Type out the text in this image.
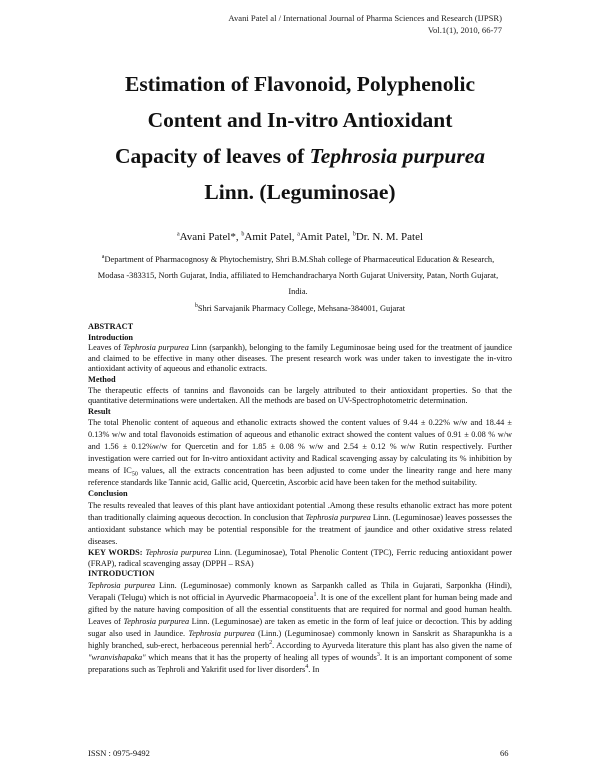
Avani Patel al / International Journal of Pharma Sciences and Research (IJPSR)
Vol.1(1), 2010, 66-77
Estimation of Flavonoid, Polyphenolic
Content and In-vitro Antioxidant
Capacity of leaves of Tephrosia purpurea
Linn. (Leguminosae)
$^a$Avani Patel*, $^b$Amit Patel, $^a$Amit Patel, $^b$Dr. N. M. Patel
$^a$Department of Pharmacognosy & Phytochemistry, Shri B.M.Shah college of Pharmaceutical Education & Research, Modasa -383315, North Gujarat, India, affiliated to Hemchandracharya North Gujarat University, Patan, North Gujarat, India.
$^b$Shri Sarvajanik Pharmacy College, Mehsana-384001, Gujarat
ABSTRACT
Introduction
Leaves of Tephrosia purpurea Linn (sarpankh), belonging to the family Leguminosae being used for the treatment of jaundice and claimed to be effective in many other diseases. The present research work was under taken to investigate the in-vitro antioxidant activity of aqueous and ethanolic extracts.
Method
The therapeutic effects of tannins and flavonoids can be largely attributed to their antioxidant properties. So that the quantitative determinations were undertaken. All the methods are based on UV-Spectrophotometric determination.
Result
The total Phenolic content of aqueous and ethanolic extracts showed the content values of 9.44 ± 0.22% w/w and 18.44 ± 0.13% w/w and total flavonoids estimation of aqueous and ethanolic extract showed the content values of 0.91 ± 0.08 % w/w and 1.56 ± 0.12%w/w for Quercetin and for 1.85 ± 0.08 % w/w and 2.54 ± 0.12 % w/w Rutin respectively. Further investigation were carried out for In-vitro antioxidant activity and Radical scavenging assay by calculating its % inhibition by means of $IC_{50}$ values, all the extracts concentration has been adjusted to come under the linearity range and here many reference standards like Tannic acid, Gallic acid, Quercetin, Ascorbic acid have been taken for the method suitability.
Conclusion
The results revealed that leaves of this plant have antioxidant potential .Among these results ethanolic extract has more potent than traditionally claiming aqueous decoction. In conclusion that Tephrosia purpurea Linn. (Leguminosae) leaves possesses the antioxidant substance which may be potential responsible for the treatment of jaundice and other oxidative stress related diseases.
KEY WORDS: Tephrosia purpurea Linn. (Leguminosae), Total Phenolic Content (TPC), Ferric reducing antioxidant power (FRAP), radical scavenging assay (DPPH – RSA)
INTRODUCTION
Tephrosia purpurea Linn. (Leguminosae) commonly known as Sarpankh called as Thila in Gujarati, Sarponkha (Hindi), Verapali (Telugu) which is not official in Ayurvedic Pharmacopoeia$^1$. It is one of the excellent plant for human being made and gifted by the nature having composition of all the essential constituents that are required for normal and good human health. Leaves of Tephrosia purpurea Linn. (Leguminosae) are taken as emetic in the form of leaf juice or decoction. This by adding sugar also used in Jaundice. Tephrosia purpurea (Linn.) (Leguminosae) commonly known in Sanskrit as Sharapunkha is a highly branched, sub-erect, herbaceous perennial herb$^2$. According to Ayurveda literature this plant has also given the name of "wranvishapaka" which means that it has the property of healing all types of wounds$^3$. It is an important component of some preparations such as Tephroli and Yakrifit used for liver disorders$^4$. In
ISSN : 0975-9492	66
